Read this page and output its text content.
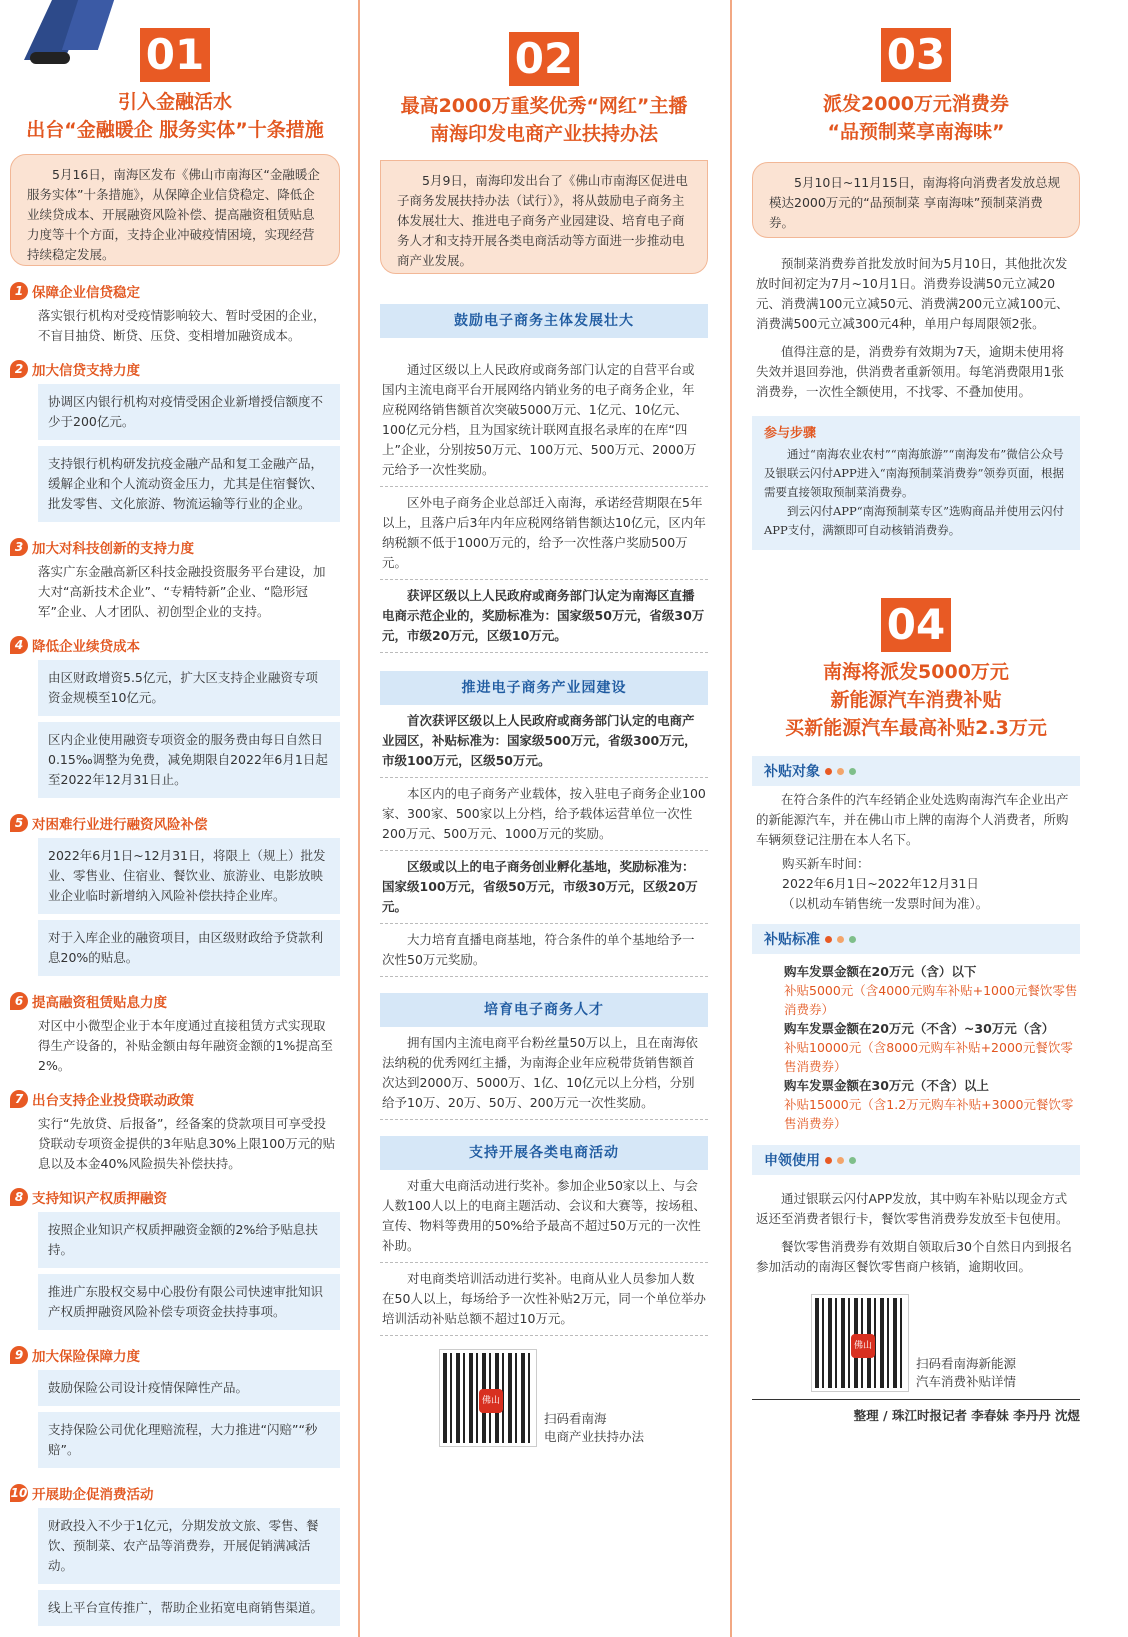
01
引入金融活水
出台“金融暖企 服务实体”十条措施
5月16日，南海区发布《佛山市南海区“金融暖企 服务实体”十条措施》，从保障企业信贷稳定、降低企业续贷成本、开展融资风险补偿、提高融资租赁贴息力度等十个方面，支持企业冲破疫情困境，实现经营持续稳定发展。
1 保障企业信贷稳定
落实银行机构对受疫情影响较大、暂时受困的企业，不盲目抽贷、断贷、压贷、变相增加融资成本。
2 加大信贷支持力度
协调区内银行机构对疫情受困企业新增授信额度不少于200亿元。
支持银行机构研发抗疫金融产品和复工金融产品，缓解企业和个人流动资金压力，尤其是住宿餐饮、批发零售、文化旅游、物流运输等行业的企业。
3 加大对科技创新的支持力度
落实广东金融高新区科技金融投资服务平台建设，加大对“高新技术企业”、“专精特新”企业、“隐形冠军”企业、人才团队、初创型企业的支持。
4 降低企业续贷成本
由区财政增资5.5亿元，扩大区支持企业融资专项资金规模至10亿元。
区内企业使用融资专项资金的服务费由每日自然日0.15‰调整为免费，减免期限自2022年6月1日起至2022年12月31日止。
5 对困难行业进行融资风险补偿
2022年6月1日~12月31日，将限上（规上）批发业、零售业、住宿业、餐饮业、旅游业、电影放映业企业临时新增纳入风险补偿扶持企业库。
对于入库企业的融资项目，由区级财政给予贷款利息20%的贴息。
6 提高融资租赁贴息力度
对区中小微型企业于本年度通过直接租赁方式实现取得生产设备的，补贴金额由每年融资金额的1%提高至2%。
7 出台支持企业投贷联动政策
实行“先放贷、后报备”，经备案的贷款项目可享受投贷联动专项资金提供的3年贴息30%上限100万元的贴息以及本金40%风险损失补偿扶持。
8 支持知识产权质押融资
按照企业知识产权质押融资金额的2%给予贴息扶持。
推进广东股权交易中心股份有限公司快速审批知识产权质押融资风险补偿专项资金扶持事项。
9 加大保险保障力度
鼓励保险公司设计疫情保障性产品。
支持保险公司优化理赔流程，大力推进“闪赔”“秒赔”。
10 开展助企促消费活动
财政投入不少于1亿元，分期发放文旅、零售、餐饮、预制菜、农产品等消费券，开展促销满减活动。
线上平台宣传推广，帮助企业拓宽电商销售渠道。
02
最高2000万重奖优秀“网红”主播
南海印发电商产业扶持办法
5月9日，南海印发出台了《佛山市南海区促进电子商务发展扶持办法（试行）》，将从鼓励电子商务主体发展壮大、推进电子商务产业园建设、培育电子商务人才和支持开展各类电商活动等方面进一步推动电商产业发展。
鼓励电子商务主体发展壮大
通过区级以上人民政府或商务部门认定的自营平台或国内主流电商平台开展网络内销业务的电子商务企业，年应税网络销售额首次突破5000万元、1亿元、10亿元、100亿元分档，且为国家统计联网直报名录库的在库“四上”企业，分别按50万元、100万元、500万元、2000万元给予一次性奖励。
区外电子商务企业总部迁入南海，承诺经营期限在5年以上，且落户后3年内年应税网络销售额达10亿元，区内年纳税额不低于1000万元的，给予一次性落户奖励500万元。
获评区级以上人民政府或商务部门认定为南海区直播电商示范企业的，奖励标准为：国家级50万元，省级30万元，市级20万元，区级10万元。
推进电子商务产业园建设
首次获评区级以上人民政府或商务部门认定的电商产业园区，补贴标准为：国家级500万元，省级300万元，市级100万元，区级50万元。
本区内的电子商务产业载体，按入驻电子商务企业100家、300家、500家以上分档，给予载体运营单位一次性200万元、500万元、1000万元的奖励。
区级或以上的电子商务创业孵化基地，奖励标准为：国家级100万元，省级50万元，市级30万元，区级20万元。
大力培育直播电商基地，符合条件的单个基地给予一次性50万元奖励。
培育电子商务人才
拥有国内主流电商平台粉丝量50万以上，且在南海依法纳税的优秀网红主播，为南海企业年应税带货销售额首次达到2000万、5000万、1亿、10亿元以上分档，分别给予10万、20万、50万、200万元一次性奖励。
支持开展各类电商活动
对重大电商活动进行奖补。参加企业50家以上、与会人数100人以上的电商主题活动、会议和大赛等，按场租、宣传、物料等费用的50%给予最高不超过50万元的一次性补助。
对电商类培训活动进行奖补。电商从业人员参加人数在50人以上，每场给予一次性补贴2万元，同一个单位举办培训活动补贴总额不超过10万元。
佛山
扫码看南海
电商产业扶持办法
03
派发2000万元消费券
“品预制菜享南海味”
5月10日~11月15日，南海将向消费者发放总规模达2000万元的“品预制菜 享南海味”预制菜消费券。
预制菜消费券首批发放时间为5月10日，其他批次发放时间初定为7月~10月1日。消费券设满50元立减20元、消费满100元立减50元、消费满200元立减100元、消费满500元立减300元4种，单用户每周限领2张。
值得注意的是，消费券有效期为7天，逾期未使用将失效并退回券池，供消费者重新领用。每笔消费限用1张消费券，一次性全额使用，不找零、不叠加使用。
参与步骤
通过“南海农业农村”“南海旅游”“南海发布”微信公众号及银联云闪付APP进入“南海预制菜消费券”领券页面，根据需要直接领取预制菜消费券。
到云闪付APP“南海预制菜专区”选购商品并使用云闪付APP支付，满额即可自动核销消费券。
04
南海将派发5000万元
新能源汽车消费补贴
买新能源汽车最高补贴2.3万元
补贴对象
在符合条件的汽车经销企业处选购南海汽车企业出产的新能源汽车，并在佛山市上牌的南海个人消费者，所购车辆须登记注册在本人名下。
购买新车时间：
2022年6月1日~2022年12月31日
（以机动车销售统一发票时间为准）。
补贴标准
购车发票金额在20万元（含）以下
补贴5000元（含4000元购车补贴+1000元餐饮零售消费券）
购车发票金额在20万元（不含）~30万元（含）
补贴10000元（含8000元购车补贴+2000元餐饮零售消费券）
购车发票金额在30万元（不含）以上
补贴15000元（含1.2万元购车补贴+3000元餐饮零售消费券）
申领使用
通过银联云闪付APP发放，其中购车补贴以现金方式返还至消费者银行卡，餐饮零售消费券发放至卡包使用。
餐饮零售消费券有效期自领取后30个自然日内到报名参加活动的南海区餐饮零售商户核销，逾期收回。
佛山
扫码看南海新能源
汽车消费补贴详情
整理 / 珠江时报记者 李春妹 李丹丹 沈煜
